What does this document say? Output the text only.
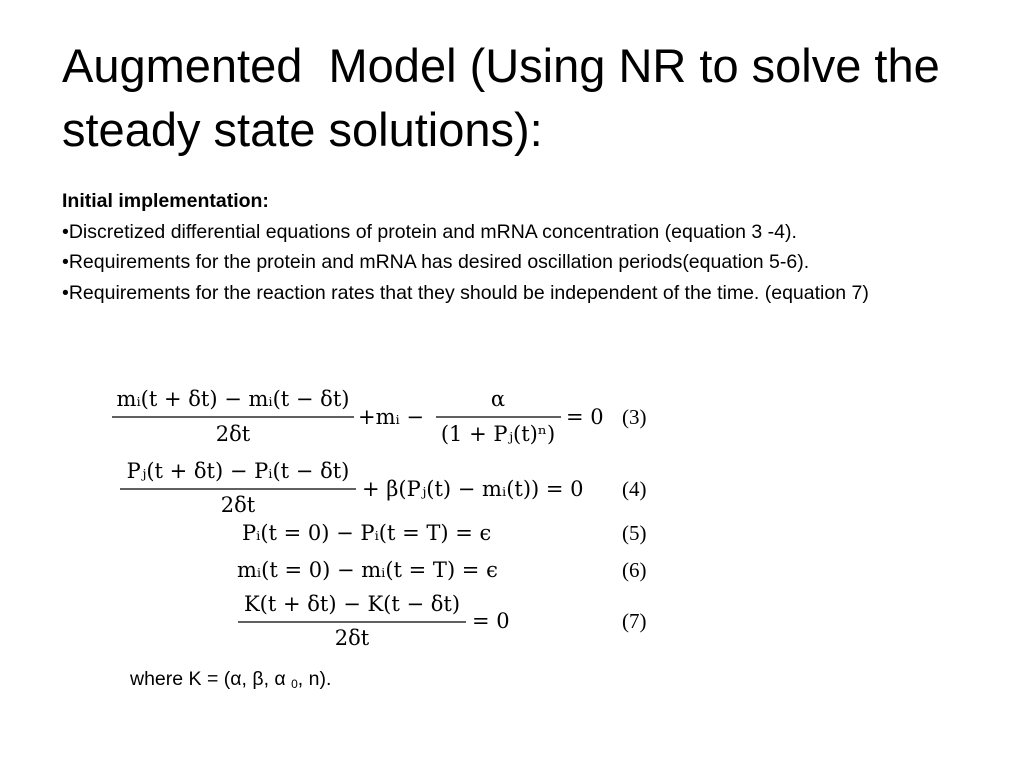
Augmented  Model (Using NR to solve the steady state solutions):
Initial implementation:
•Discretized differential equations of protein and mRNA concentration (equation 3 -4).
•Requirements for the protein and mRNA has desired oscillation periods(equation 5-6).
•Requirements for the reaction rates that they should be independent of the time. (equation 7)
mᵢ(t + δt) − mᵢ(t − δt)
2δt
+mᵢ −
α
(1 + Pⱼ(t)ⁿ)
= 0 (3)
Pⱼ(t + δt) − Pᵢ(t − δt)
2δt
+ β(Pⱼ(t) − mᵢ(t)) = 0 (4)
Pᵢ(t = 0) − Pᵢ(t = T) = ϵ	(5)
mᵢ(t = 0) − mᵢ(t = T) = ϵ	(6)
K(t + δt) − K(t − δt)
2δt
= 0	(7)
where K = (α, β, α $_0$, n).
